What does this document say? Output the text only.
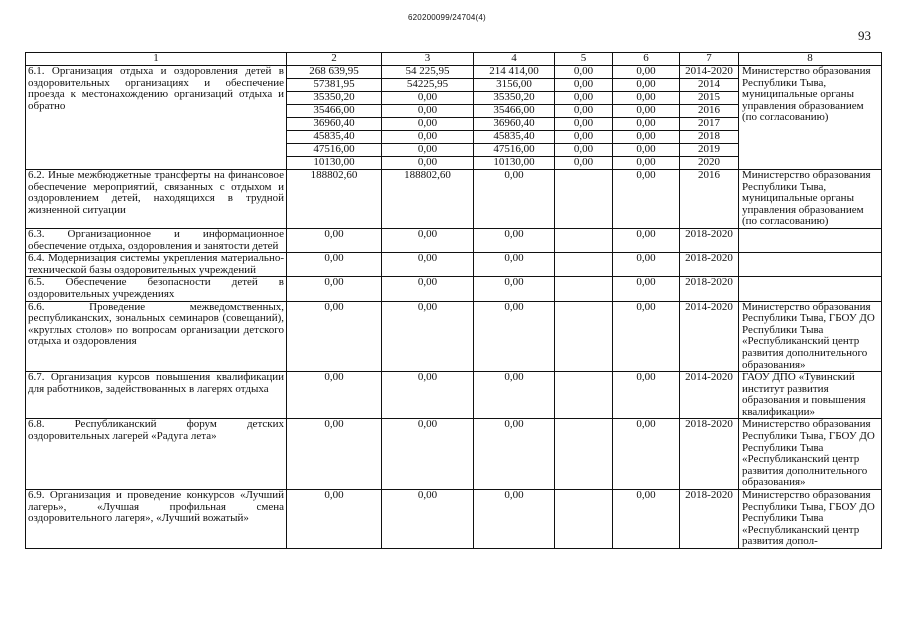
620200099/24704(4)
93
1	2	3	4	5	6	7	8
6.1. Организация отдыха и оздоровления детей в оздоровительных организациях и обеспечение проезда к местонахождению организаций отдыха и обратно	268 639,95	54 225,95	214 414,00	0,00	0,00	2014-2020	Министерство образования Республики Тыва, муниципальные органы управления образованием (по согласованию)
	57381,95	54225,95	3156,00	0,00	0,00	2014	
	35350,20	0,00	35350,20	0,00	0,00	2015	
	35466,00	0,00	35466,00	0,00	0,00	2016	
	36960,40	0,00	36960,40	0,00	0,00	2017	
	45835,40	0,00	45835,40	0,00	0,00	2018	
	47516,00	0,00	47516,00	0,00	0,00	2019	
	10130,00	0,00	10130,00	0,00	0,00	2020	
6.2. Иные межбюджетные трансферты на финансовое обеспечение мероприятий, связанных с отдыхом и оздоровлением детей, находящихся в трудной жизненной ситуации	188802,60	188802,60	0,00		0,00	2016	Министерство образования Республики Тыва, муниципальные органы управления образованием (по согласованию)
6.3. Организационное и информационное обеспечение отдыха, оздоровления и занятости детей	0,00	0,00	0,00		0,00	2018-2020	
6.4. Модернизация системы укрепления материально-технической базы оздоровительных учреждений	0,00	0,00	0,00		0,00	2018-2020	
6.5. Обеспечение безопасности детей в оздоровительных учреждениях	0,00	0,00	0,00		0,00	2018-2020	
6.6. Проведение межведомственных, республиканских, зональных семинаров (совещаний), «круглых столов» по вопросам организации детского отдыха и оздоровления	0,00	0,00	0,00		0,00	2014-2020	Министерство образования Республики Тыва, ГБОУ ДО Республики Тыва «Республиканский центр развития дополнительного образования»
6.7. Организация курсов повышения квалификации для работников, задействованных в лагерях отдыха	0,00	0,00	0,00		0,00	2014-2020	ГАОУ ДПО «Тувинский институт развития образования и повышения квалификации»
6.8. Республиканский форум детских оздоровительных лагерей «Радуга лета»	0,00	0,00	0,00		0,00	2018-2020	Министерство образования Республики Тыва, ГБОУ ДО Республики Тыва «Республиканский центр развития дополнительного образования»
6.9. Организация и проведение конкурсов «Лучший лагерь», «Лучшая профильная смена оздоровительного лагеря», «Лучший вожатый»	0,00	0,00	0,00		0,00	2018-2020	Министерство образования Республики Тыва, ГБОУ ДО Республики Тыва «Республиканский центр развития допол-
